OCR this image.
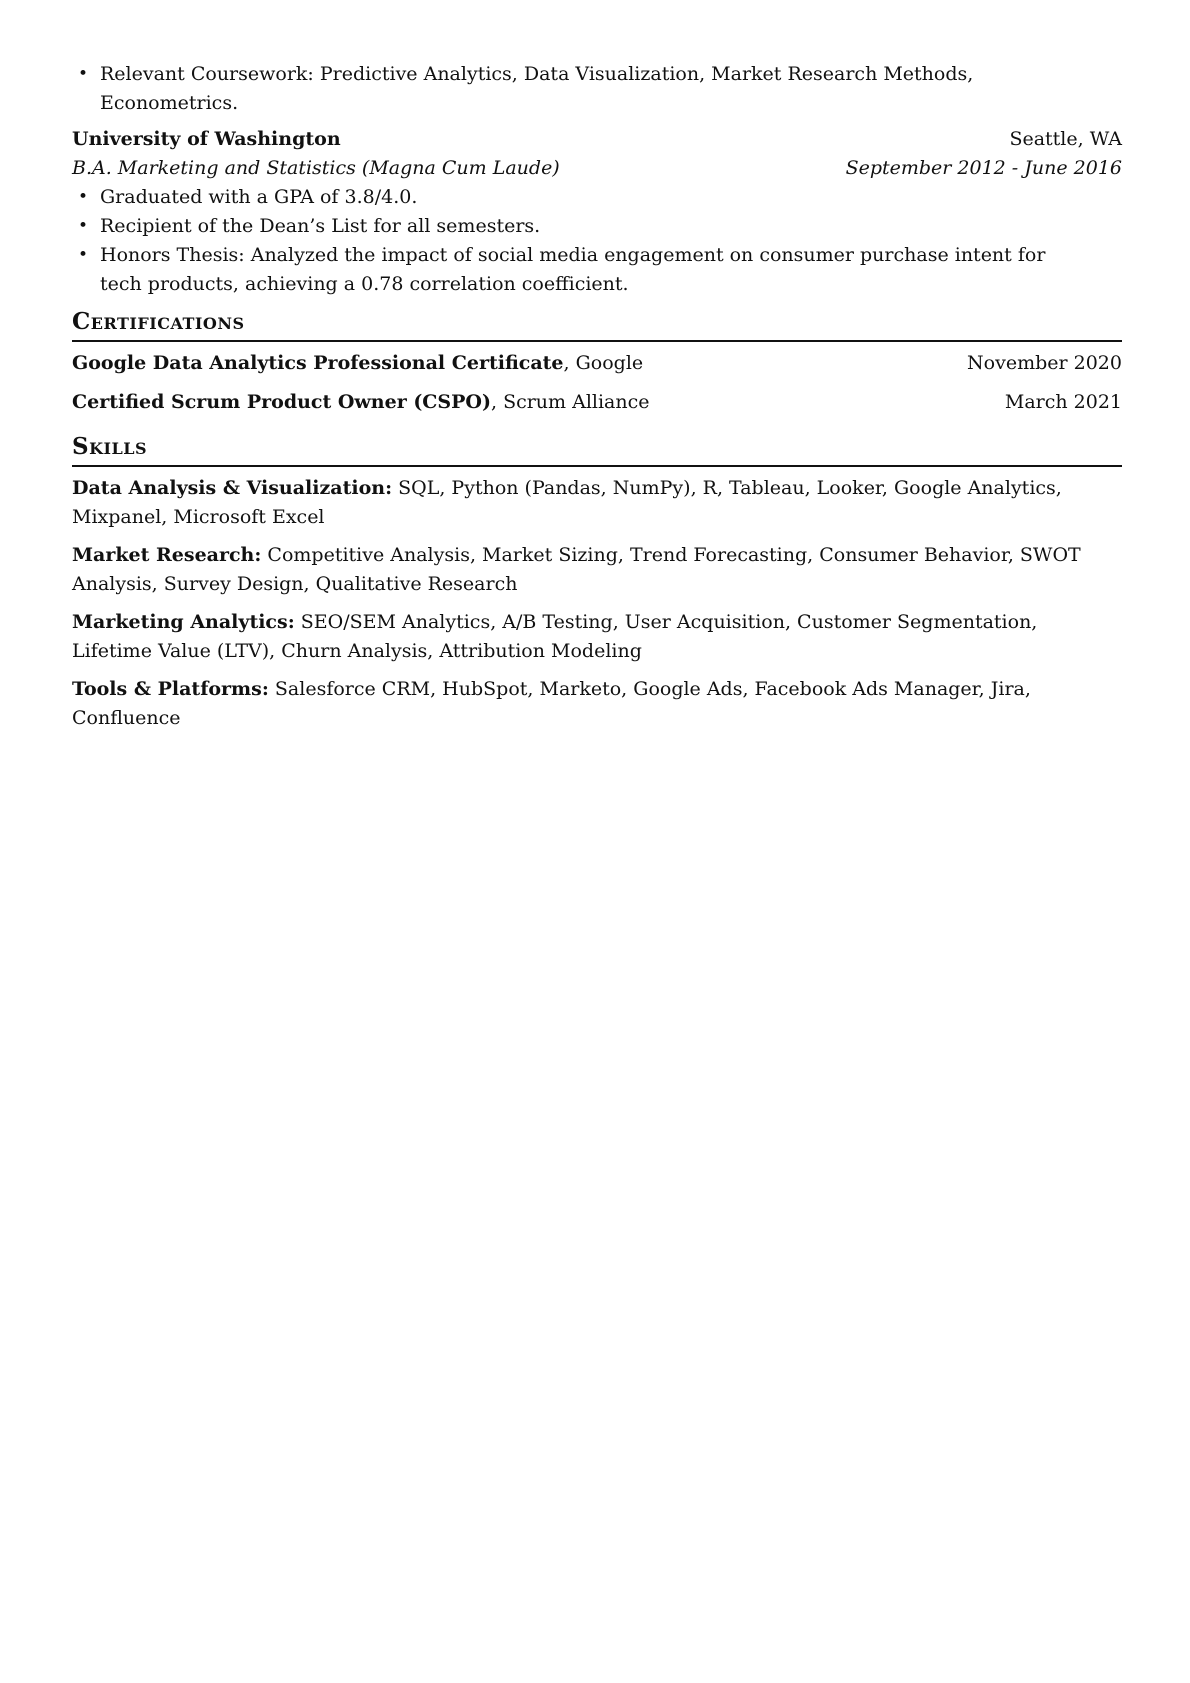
• Relevant Coursework: Predictive Analytics, Data Visualization, Market Research Methods, Econometrics.
University of Washington	Seattle, WA
B.A. Marketing and Statistics (Magna Cum Laude)	September 2012 - June 2016
• Graduated with a GPA of 3.8/4.0.
• Recipient of the Dean’s List for all semesters.
• Honors Thesis: Analyzed the impact of social media engagement on consumer purchase intent for tech products, achieving a 0.78 correlation coefficient.
Certifications
Google Data Analytics Professional Certificate, Google	November 2020
Certified Scrum Product Owner (CSPO), Scrum Alliance	March 2021
Skills

Data Analysis & Visualization: SQL, Python (Pandas, NumPy), R, Tableau, Looker, Google Analytics, Mixpanel, Microsoft Excel

Market Research: Competitive Analysis, Market Sizing, Trend Forecasting, Consumer Behavior, SWOT Analysis, Survey Design, Qualitative Research

Marketing Analytics: SEO/SEM Analytics, A/B Testing, User Acquisition, Customer Segmentation, Lifetime Value (LTV), Churn Analysis, Attribution Modeling

Tools & Platforms: Salesforce CRM, HubSpot, Marketo, Google Ads, Facebook Ads Manager, Jira, Confluence
